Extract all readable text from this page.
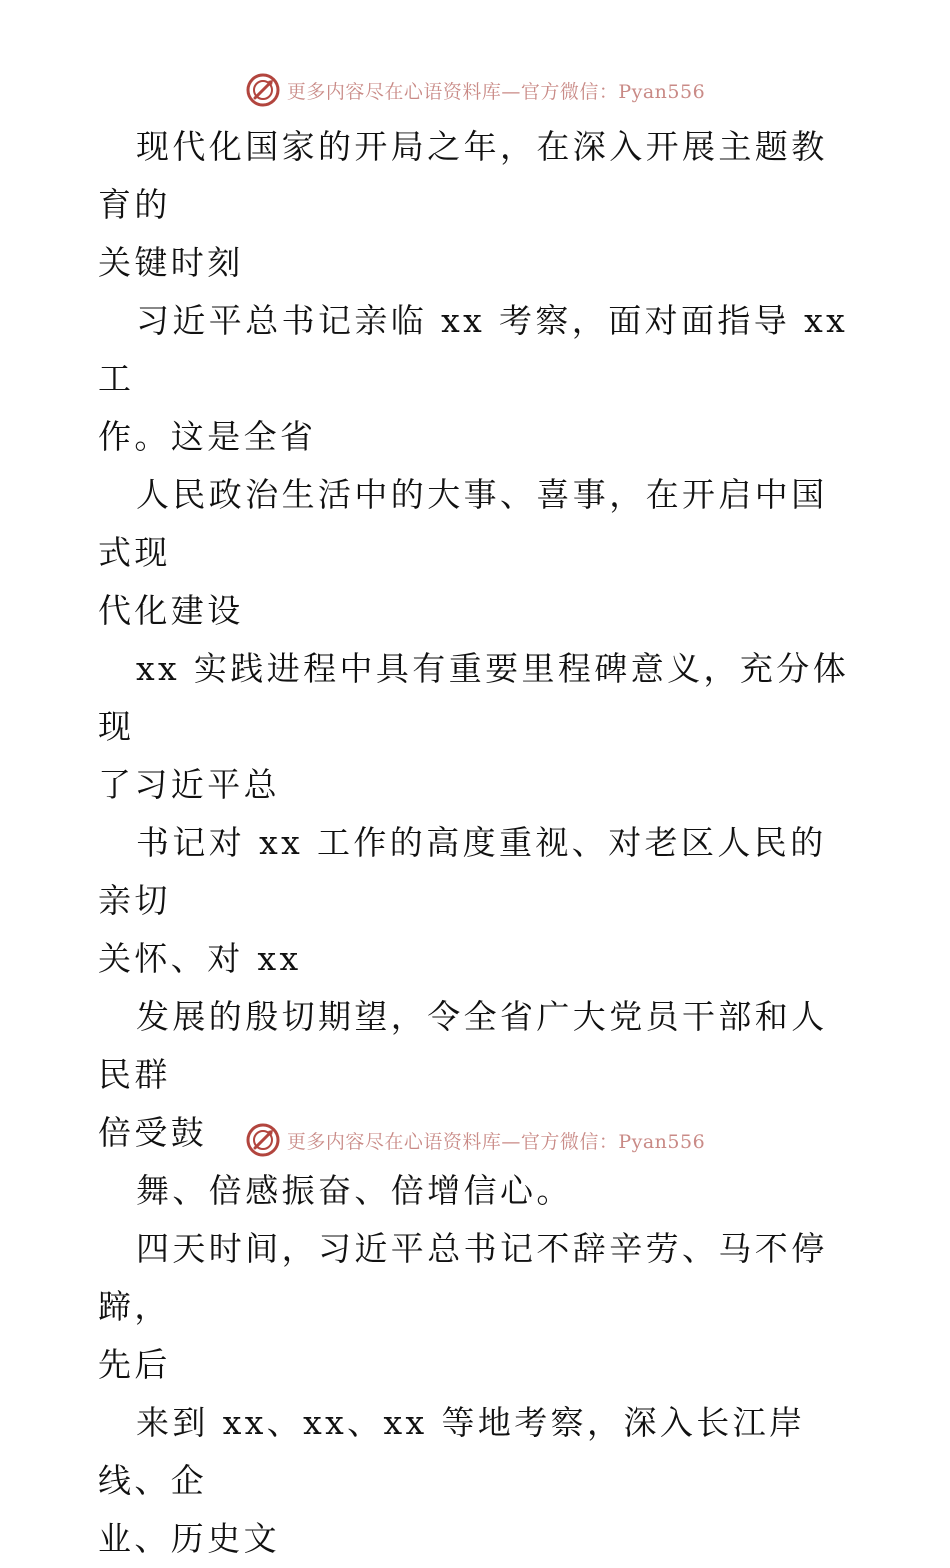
更多内容尽在心语资料库—官方微信：Pyan556

现代化国家的开局之年，在深入开展主题教育的
关键时刻

习近平总书记亲临 xx 考察，面对面指导 xx 工
作。这是全省

人民政治生活中的大事、喜事，在开启中国式现
代化建设

xx 实践进程中具有重要里程碑意义，充分体现
了习近平总

书记对 xx 工作的高度重视、对老区人民的亲切
关怀、对 xx

发展的殷切期望，令全省广大党员干部和人民群
倍受鼓

舞、倍感振奋、倍增信心。

四天时间，习近平总书记不辞辛劳、马不停蹄，
先后

来到 xx、xx、xx 等地考察，深入长江岸线、企
业、历史文

更多内容尽在心语资料库—官方微信：Pyan556
